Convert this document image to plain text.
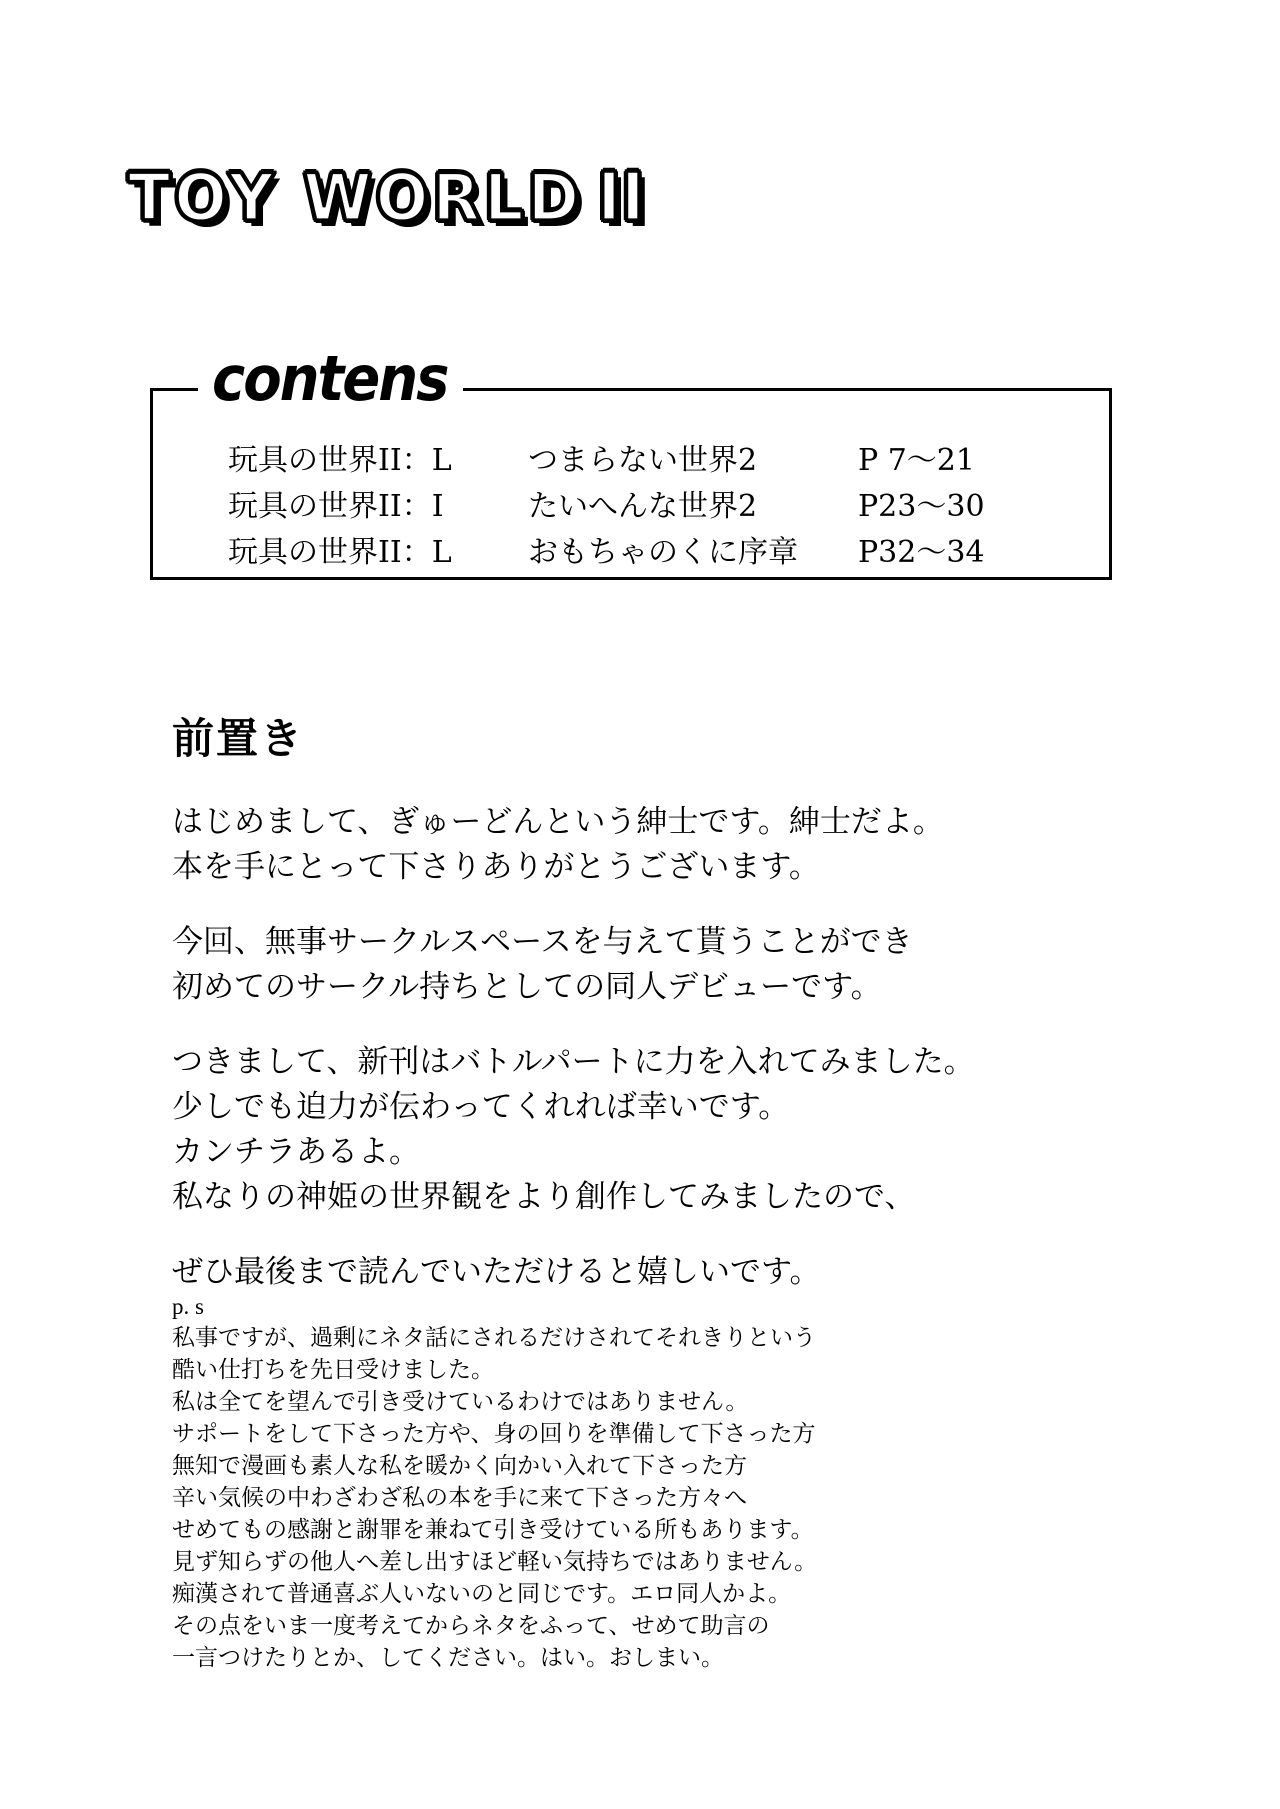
TOY WORLD II
contens
玩具の世界II：L	つまらない世界2	P 7〜21
玩具の世界II：I	たいへんな世界2	P23〜30
玩具の世界II：L	おもちゃのくに序章	P32〜34
前置き

はじめまして、ぎゅーどんという紳士です。紳士だよ。
本を手にとって下さりありがとうございます。

今回、無事サークルスペースを与えて貰うことができ
初めてのサークル持ちとしての同人デビューです。

つきまして、新刊はバトルパートに力を入れてみました。
少しでも迫力が伝わってくれれば幸いです。
カンチラあるよ。
私なりの神姫の世界観をより創作してみましたので、

ぜひ最後まで読んでいただけると嬉しいです。

p. s
私事ですが、過剰にネタ話にされるだけされてそれきりという
酷い仕打ちを先日受けました。
私は全てを望んで引き受けているわけではありません。
サポートをして下さった方や、身の回りを準備して下さった方
無知で漫画も素人な私を暖かく向かい入れて下さった方
辛い気候の中わざわざ私の本を手に来て下さった方々へ
せめてもの感謝と謝罪を兼ねて引き受けている所もあります。
見ず知らずの他人へ差し出すほど軽い気持ちではありません。
痴漢されて普通喜ぶ人いないのと同じです。エロ同人かよ。
その点をいま一度考えてからネタをふって、せめて助言の
一言つけたりとか、してください。はい。おしまい。
